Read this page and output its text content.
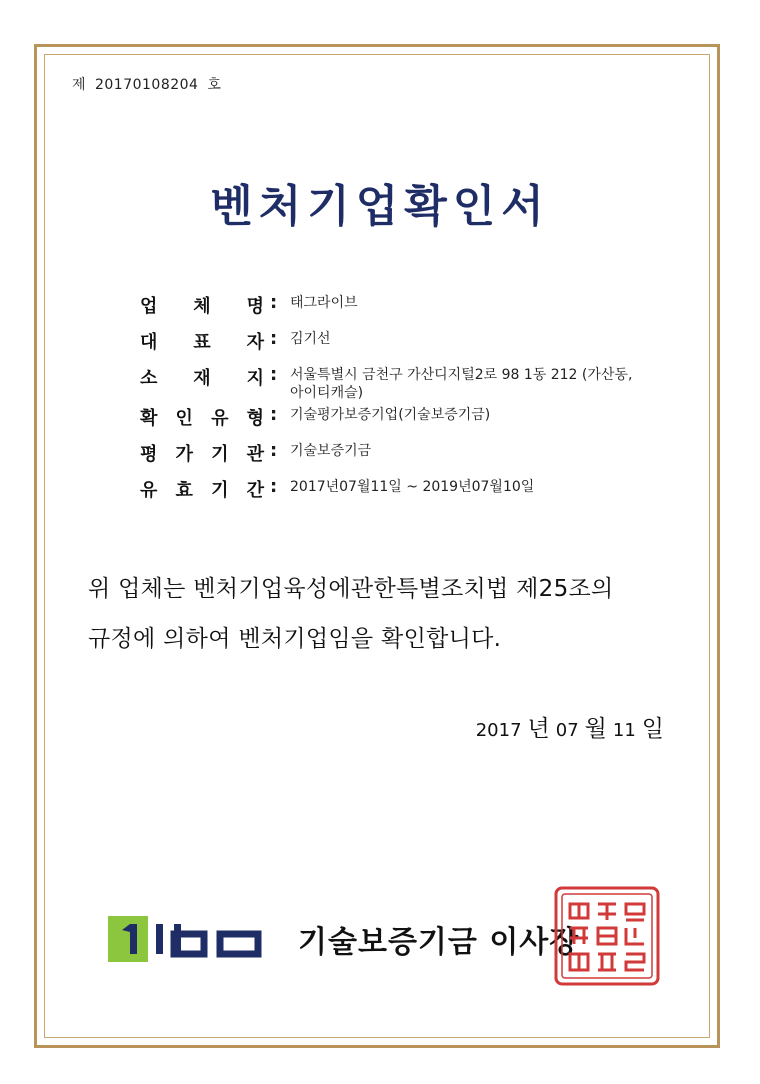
제 20170108204 호
벤처기업확인서
업 체 명 : 태그라이브
대 표 자 : 김기선
소 재 지 : 서울특별시 금천구 가산디지털2로 98 1동 212 (가산동,
아이티캐슬)
확 인 유 형 : 기술평가보증기업(기술보증기금)
평 가 기 관 : 기술보증기금
유 효 기 간 : 2017년07월11일 ~ 2019년07월10일
위 업체는 벤처기업육성에관한특별조치법 제25조의
규정에 의하여 벤처기업임을 확인합니다.
2017 년 07 월 11 일
기술보증기금 이사장
